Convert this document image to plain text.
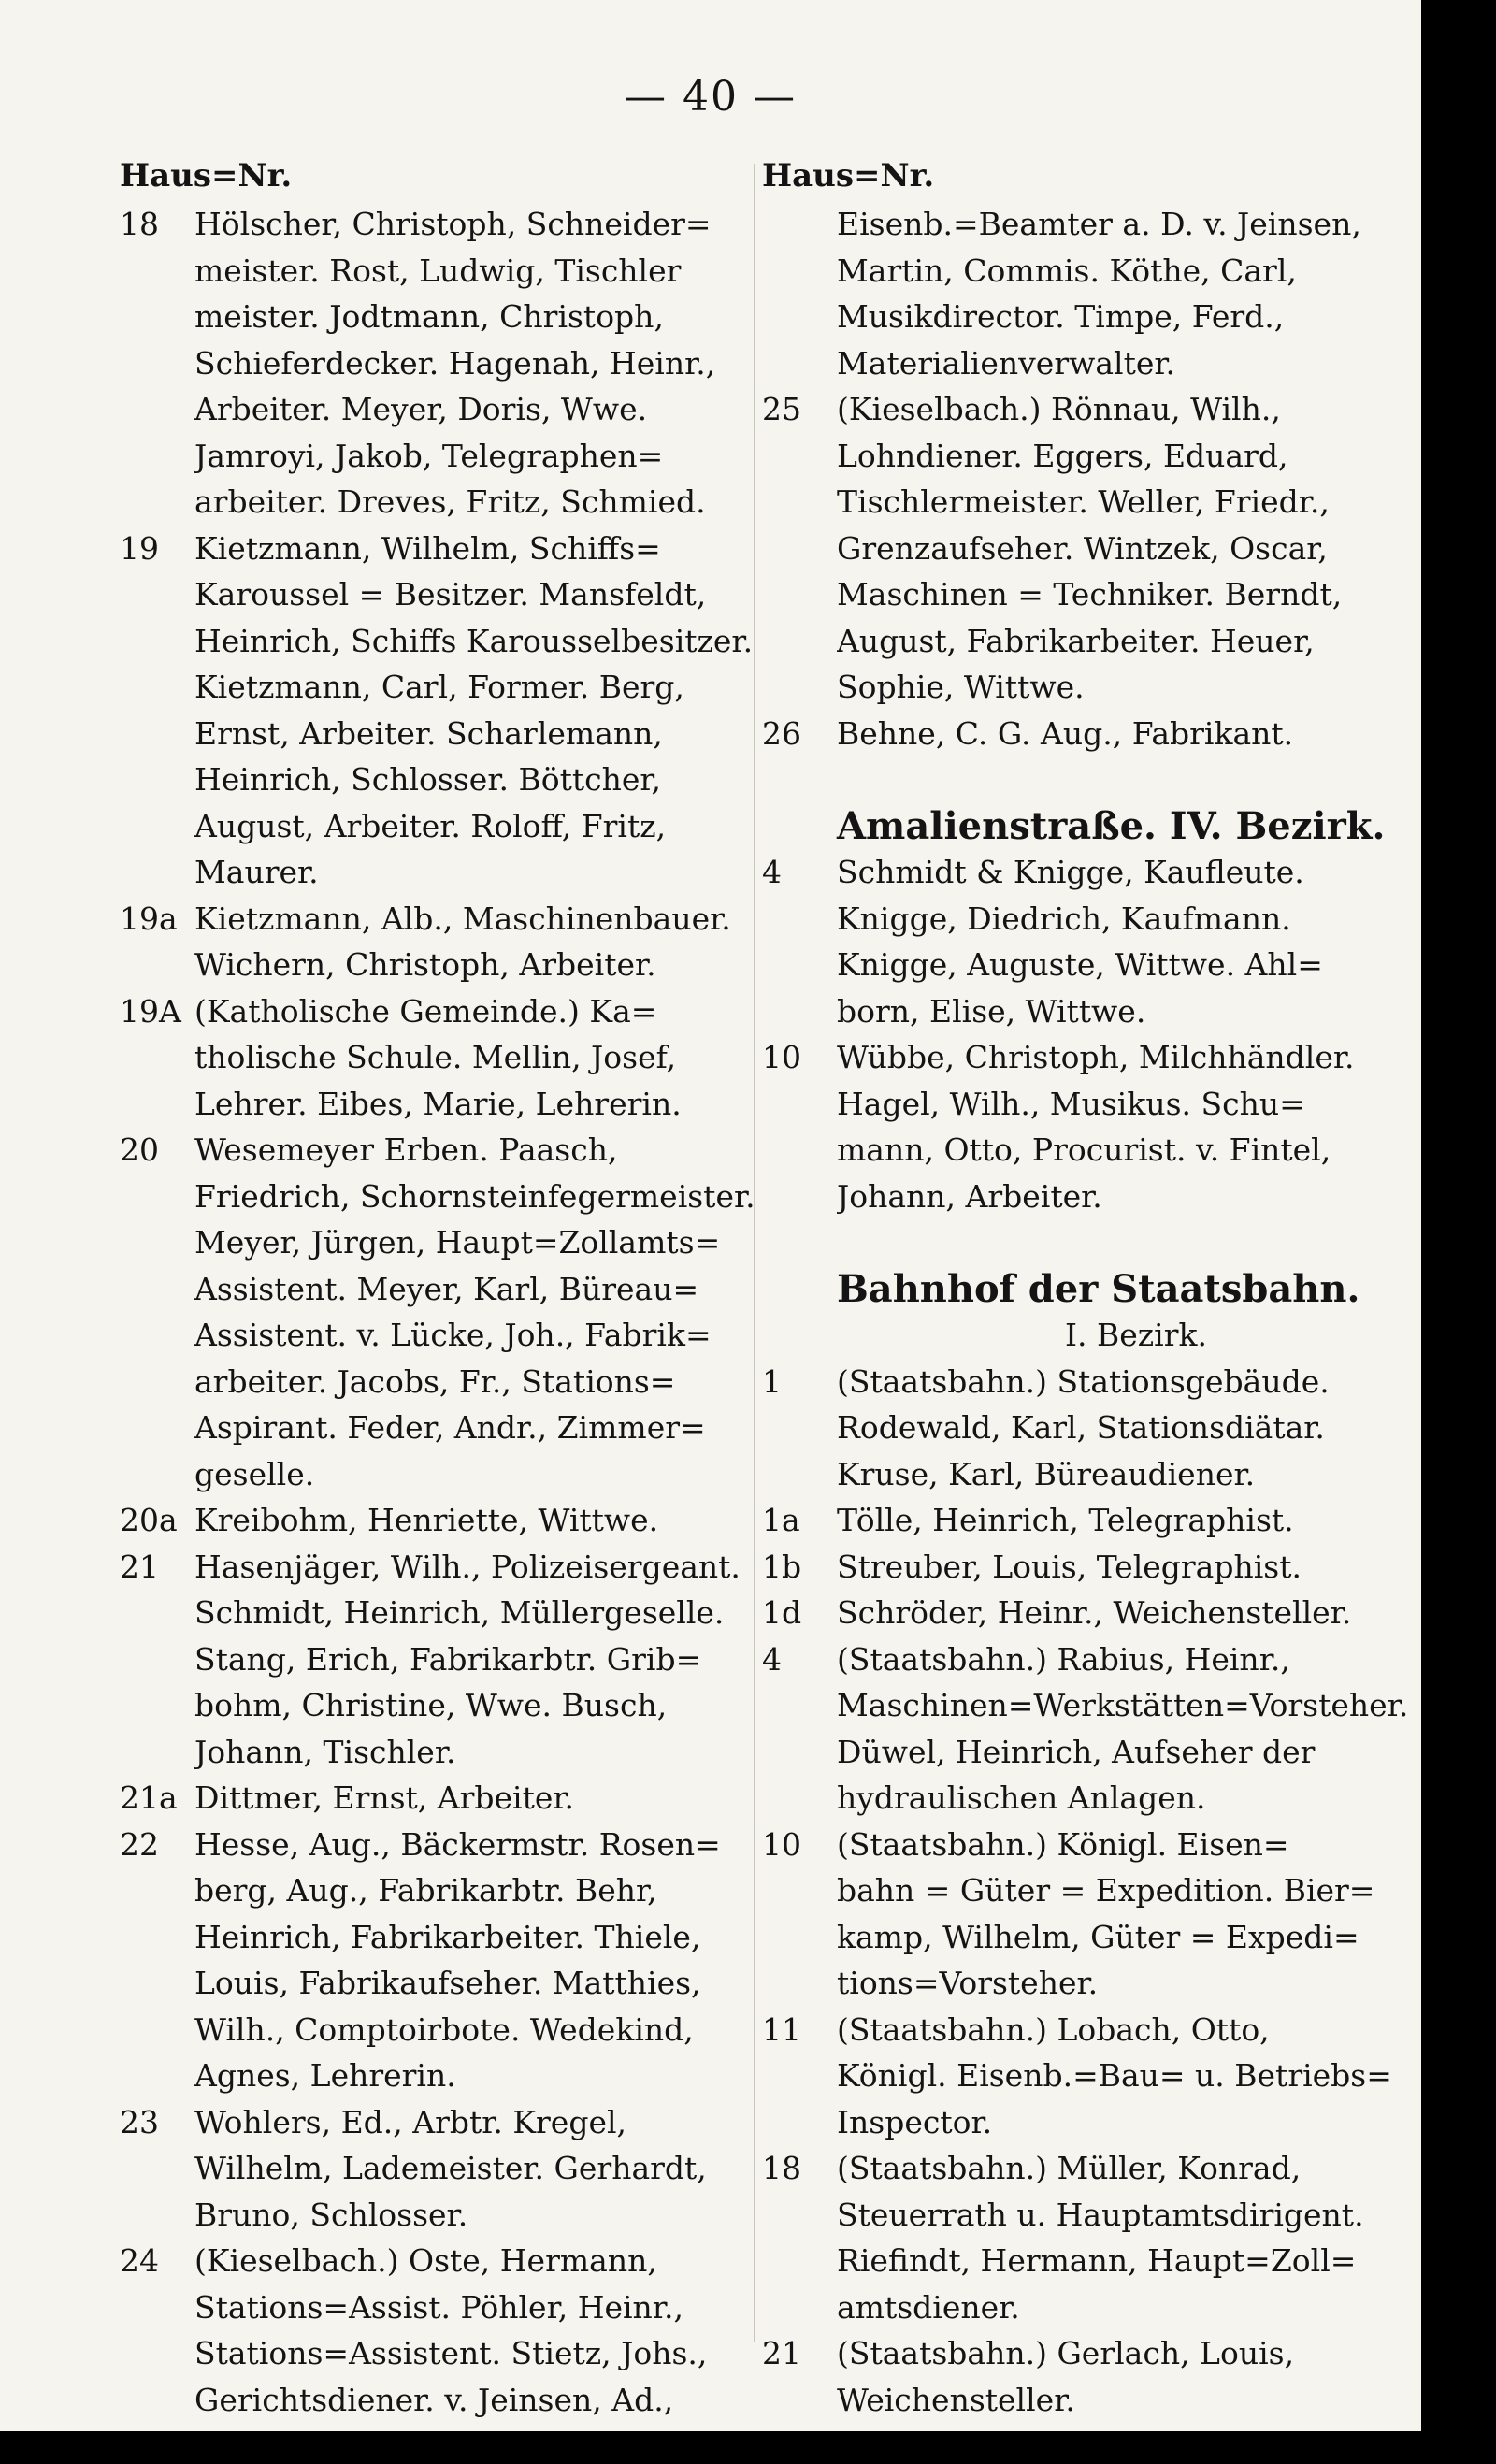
— 40 —
Haus=Nr.	Haus=Nr.
18	Hölscher, Christoph, Schneider=
meister. Rost, Ludwig, Tischler
meister. Jodtmann, Christoph,
Schieferdecker. Hagenah, Heinr.,
Arbeiter. Meyer, Doris, Wwe.
Jamroyi, Jakob, Telegraphen=
arbeiter. Dreves, Fritz, Schmied.
19	Kietzmann, Wilhelm, Schiffs=
Karoussel = Besitzer. Mansfeldt,
Heinrich, Schiffs Karousselbesitzer.
Kietzmann, Carl, Former. Berg,
Ernst, Arbeiter. Scharlemann,
Heinrich, Schlosser. Böttcher,
August, Arbeiter. Roloff, Fritz,
Maurer.
19a Kietzmann, Alb., Maschinenbauer.
Wichern, Christoph, Arbeiter.
19A (Katholische Gemeinde.) Ka=
tholische Schule. Mellin, Josef,
Lehrer. Eibes, Marie, Lehrerin.
20	Wesemeyer Erben. Paasch,
Friedrich, Schornsteinfegermeister.
Meyer, Jürgen, Haupt=Zollamts=
Assistent. Meyer, Karl, Büreau=
Assistent. v. Lücke, Joh., Fabrik=
arbeiter. Jacobs, Fr., Stations=
Aspirant. Feder, Andr., Zimmer=
geselle.
20a Kreibohm, Henriette, Wittwe.
21	Hasenjäger, Wilh., Polizeisergeant.
Schmidt, Heinrich, Müllergeselle.
Stang, Erich, Fabrikarbtr. Grib=
bohm, Christine, Wwe. Busch,
Johann, Tischler.
21a Dittmer, Ernst, Arbeiter.
22	Hesse, Aug., Bäckermstr. Rosen=
berg, Aug., Fabrikarbtr. Behr,
Heinrich, Fabrikarbeiter. Thiele,
Louis, Fabrikaufseher. Matthies,
Wilh., Comptoirbote. Wedekind,
Agnes, Lehrerin.
23	Wohlers, Ed., Arbtr. Kregel,
Wilhelm, Lademeister. Gerhardt,
Bruno, Schlosser.
24	(Kieselbach.) Oste, Hermann,
Stations=Assist. Pöhler, Heinr.,
Stations=Assistent. Stietz, Johs.,
Gerichtsdiener. v. Jeinsen, Ad.,
Eisenb.=Beamter a. D. v. Jeinsen,
Martin, Commis. Köthe, Carl,
Musikdirector. Timpe, Ferd.,
Materialienverwalter.
25	(Kieselbach.) Rönnau, Wilh.,
Lohndiener. Eggers, Eduard,
Tischlermeister. Weller, Friedr.,
Grenzaufseher. Wintzek, Oscar,
Maschinen = Techniker. Berndt,
August, Fabrikarbeiter. Heuer,
Sophie, Wittwe.
26	Behne, C. G. Aug., Fabrikant.
Amalienstraße. IV. Bezirk.
4	Schmidt & Knigge, Kaufleute.
Knigge, Diedrich, Kaufmann.
Knigge, Auguste, Wittwe. Ahl=
born, Elise, Wittwe.
10	Wübbe, Christoph, Milchhändler.
Hagel, Wilh., Musikus. Schu=
mann, Otto, Procurist. v. Fintel,
Johann, Arbeiter.
Bahnhof der Staatsbahn.
I. Bezirk.
1	(Staatsbahn.) Stationsgebäude.
Rodewald, Karl, Stationsdiätar.
Kruse, Karl, Büreaudiener.
1a	Tölle, Heinrich, Telegraphist.
1b	Streuber, Louis, Telegraphist.
1d	Schröder, Heinr., Weichensteller.
4	(Staatsbahn.) Rabius, Heinr.,
Maschinen=Werkstätten=Vorsteher.
Düwel, Heinrich, Aufseher der
hydraulischen Anlagen.
10	(Staatsbahn.) Königl. Eisen=
bahn = Güter = Expedition. Bier=
kamp, Wilhelm, Güter = Expedi=
tions=Vorsteher.
11	(Staatsbahn.) Lobach, Otto,
Königl. Eisenb.=Bau= u. Betriebs=
Inspector.
18	(Staatsbahn.) Müller, Konrad,
Steuerrath u. Hauptamtsdirigent.
Riefindt, Hermann, Haupt=Zoll=
amtsdiener.
21	(Staatsbahn.) Gerlach, Louis,
Weichensteller.
